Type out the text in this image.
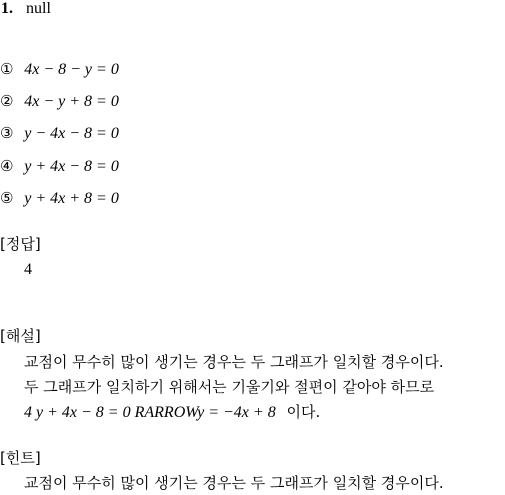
1. null
① 4x − 8 − y = 0
② 4x − y + 8 = 0
③ y − 4x − 8 = 0
④ y + 4x − 8 = 0
⑤ y + 4x + 8 = 0
[정답]
4
[해설]
교점이 무수히 많이 생기는 경우는 두 그래프가 일치할 경우이다.
두 그래프가 일치하기 위해서는 기울기와 절편이 같아야 하므로
4 y + 4x − 8 = 0 RARROWy = −4x + 8 이다.
[힌트]
교점이 무수히 많이 생기는 경우는 두 그래프가 일치할 경우이다.
